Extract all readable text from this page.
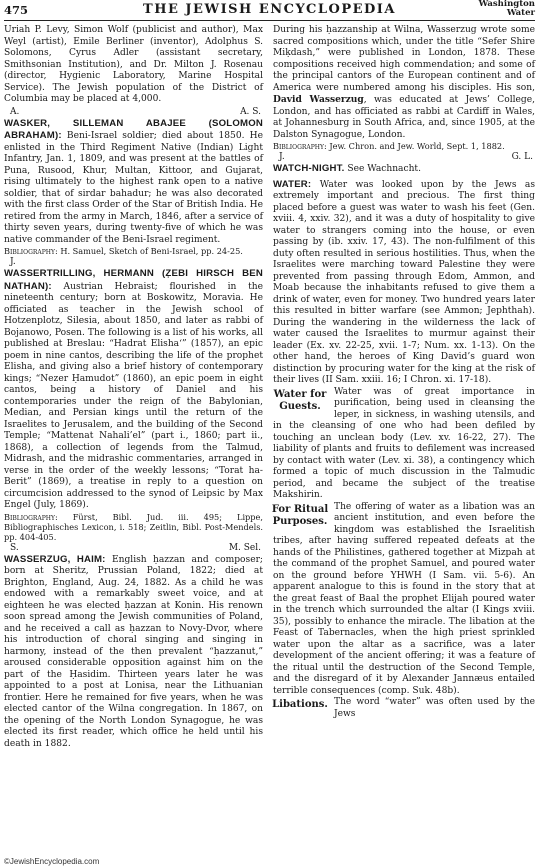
475	THE JEWISH ENCYCLOPEDIA	Washington
Water

Uriah P. Levy, Simon Wolf (publicist and author), Max Weyl (artist), Emile Berliner (inventor), Adolphus S. Solomons, Cyrus Adler (assistant secretary, Smithsonian Institution), and Dr. Milton J. Rosenau (director, Hygienic Laboratory, Marine Hospital Service). The Jewish population of the District of Columbia may be placed at 4,000.

A.	A. S.

WASKER, SILLEMAN ABAJEE (SOLOMON ABRAHAM): Beni-Israel soldier; died about 1850. He enlisted in the Third Regiment Native (Indian) Light Infantry, Jan. 1, 1809, and was present at the battles of Puna, Rusood, Khur, Multan, Kittoor, and Gujarat, rising ultimately to the highest rank open to a native soldier, that of sirdar bahadur; he was also decorated with the first class Order of the Star of British India. He retired from the army in March, 1846, after a service of thirty seven years, during twenty-five of which he was native commander of the Beni-Israel regiment.

Bibliography: H. Samuel, Sketch of Beni-Israel, pp. 24-25.

J.

WASSERTRILLING, HERMANN (ẒEBI HIRSCH BEN NATHAN): Austrian Hebraist; flourished in the nineteenth century; born at Boskowitz, Moravia. He officiated as teacher in the Jewish school of Hotzenplotz, Silesia, about 1850, and later as rabbi of Bojanowo, Posen. The following is a list of his works, all published at Breslau: “Hadrat Elisha‘” (1857), an epic poem in nine cantos, describing the life of the prophet Elisha, and giving also a brief history of contemporary kings; “Nezer Ḥamudot” (1860), an epic poem in eight cantos, being a history of Daniel and his contemporaries under the reign of the Babylonian, Median, and Persian kings until the return of the Israelites to Jerusalem, and the building of the Second Temple; “Mattenat Nahali’el” (part i., 1860; part ii., 1868), a collection of legends from the Talmud, Midrash, and the midrashic commentaries, arranged in verse in the order of the weekly lessons; “Torat ha-Berit” (1869), a treatise in reply to a question on circumcision addressed to the synod of Leipsic by Max Engel (July, 1869).

Bibliography: Fürst, Bibl. Jud. iii. 495; Lippe, Bibliographisches Lexicon, i. 518; Zeitlin, Bibl. Post-Mendels. pp. 404-405.

S.	M. Sel.

WASSERZUG, HAIM: English ḥazzan and composer; born at Sheritz, Prussian Poland, 1822; died at Brighton, England, Aug. 24, 1882. As a child he was endowed with a remarkably sweet voice, and at eighteen he was elected ḥazzan at Konin. His renown soon spread among the Jewish communities of Poland, and he received a call as ḥazzan to Novy-Dvor, where his introduction of choral singing and singing in harmony, instead of the then prevalent “ḥazzanut,” aroused considerable opposition against him on the part of the Ḥasidim. Thirteen years later he was appointed to a post at Lonisa, near the Lithuanian frontier. Here he remained for five years, when he was elected cantor of the Wilna congregation. In 1867, on the opening of the North London Synagogue, he was elected its first reader, which office he held until his death in 1882.

During his ḥazzanship at Wilna, Wasserzug wrote some sacred compositions which, under the title “Sefer Shire Miḳdash,” were published in London, 1878. These compositions received high commendation; and some of the principal cantors of the European continent and of America were numbered among his disciples. His son, David Wasserzug, was educated at Jews’ College, London, and has officiated as rabbi at Cardiff in Wales, at Johannesburg in South Africa, and, since 1905, at the Dalston Synagogue, London.

Bibliography: Jew. Chron. and Jew. World, Sept. 1, 1882.

J.	G. L.

WATCH-NIGHT. See Wachnacht.

WATER: Water was looked upon by the Jews as extremely important and precious. The first thing placed before a guest was water to wash his feet (Gen. xviii. 4, xxiv. 32), and it was a duty of hospitality to give water to strangers coming into the house, or even passing by (ib. xxiv. 17, 43). The non-fulfilment of this duty often resulted in serious hostilities. Thus, when the Israelites were marching toward Palestine they were prevented from passing through Edom, Ammon, and Moab because the inhabitants refused to give them a drink of water, even for money. Two hundred years later this resulted in bitter warfare (see Ammon; Jephthah). During the wandering in the wilderness the lack of water caused the Israelites to murmur against their leader (Ex. xv. 22-25, xvii. 1-7; Num. xx. 1-13). On the other hand, the heroes of King David’s guard won distinction by procuring water for the king at the risk of their lives (II Sam. xxiii. 16; I Chron. xi. 17-18).

Water for Guests.

Water was of great importance in purification, being used in cleansing the leper, in sickness, in washing utensils, and in the cleansing of one who had been defiled by touching an unclean body (Lev. xv. 16-22, 27). The liability of plants and fruits to defilement was increased by contact with water (Lev. xi. 38), a contingency which formed a topic of much discussion in the Talmudic period, and became the subject of the treatise Makshirin.

For Ritual Purposes.

The offering of water as a libation was an ancient institution, and even before the kingdom was established the Israelitish tribes, after having suffered repeated defeats at the hands of the Philistines, gathered together at Mizpah at the command of the prophet Samuel, and poured water on the ground before YHWH (I Sam. vii. 5-6). An apparent analogue to this is found in the story that at the great feast of Baal the prophet Elijah poured water in the trench which surrounded the altar (I Kings xviii. 35), possibly to enhance the miracle. The libation at the Feast of Tabernacles, when the high priest sprinkled water upon the altar as a sacrifice, was a later development of the ancient offering; it was a feature of the ritual until the destruction of the Second Temple, and the disregard of it by Alexander Jannæus entailed terrible consequences (comp. Suk. 48b).

Libations. The word “water” was often used by the Jews

©JewishEncyclopedia.com
